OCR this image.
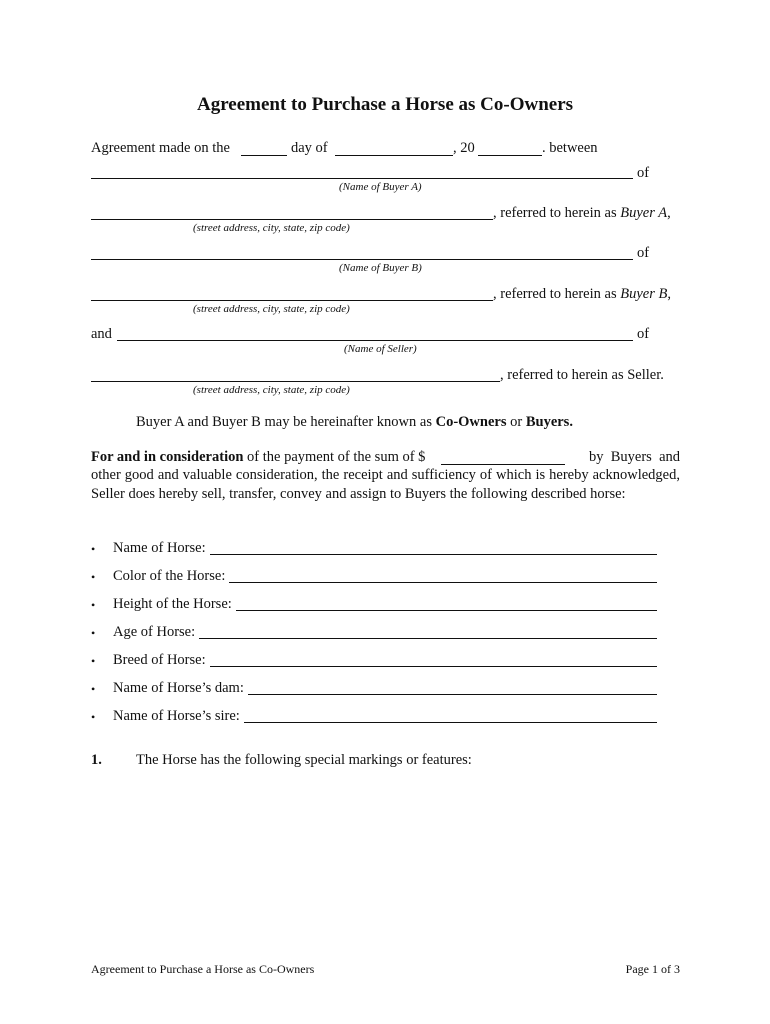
Agreement to Purchase a Horse as Co-Owners
Agreement made on the	day of	, 20	. between
of
(Name of Buyer A)
, referred to herein as Buyer A,
(street address, city, state, zip code)
of
(Name of Buyer B)
, referred to herein as Buyer B,
(street address, city, state, zip code)
and	of
(Name of Seller)
, referred to herein as Seller.
(street address, city, state, zip code)
Buyer A and Buyer B may be hereinafter known as Co-Owners or Buyers.
For and in consideration of the payment of the sum of $	by  Buyers  and
other good and valuable consideration, the receipt and sufficiency of which is hereby acknowledged, Seller does hereby sell, transfer, convey and assign to Buyers the following described horse:
• Name of Horse:
• Color of the Horse:
• Height of the Horse:
• Age of Horse:
• Breed of Horse:
• Name of Horse’s dam:
• Name of Horse’s sire:
1. The Horse has the following special markings or features:
Agreement to Purchase a Horse as Co-Owners	Page 1 of 3
